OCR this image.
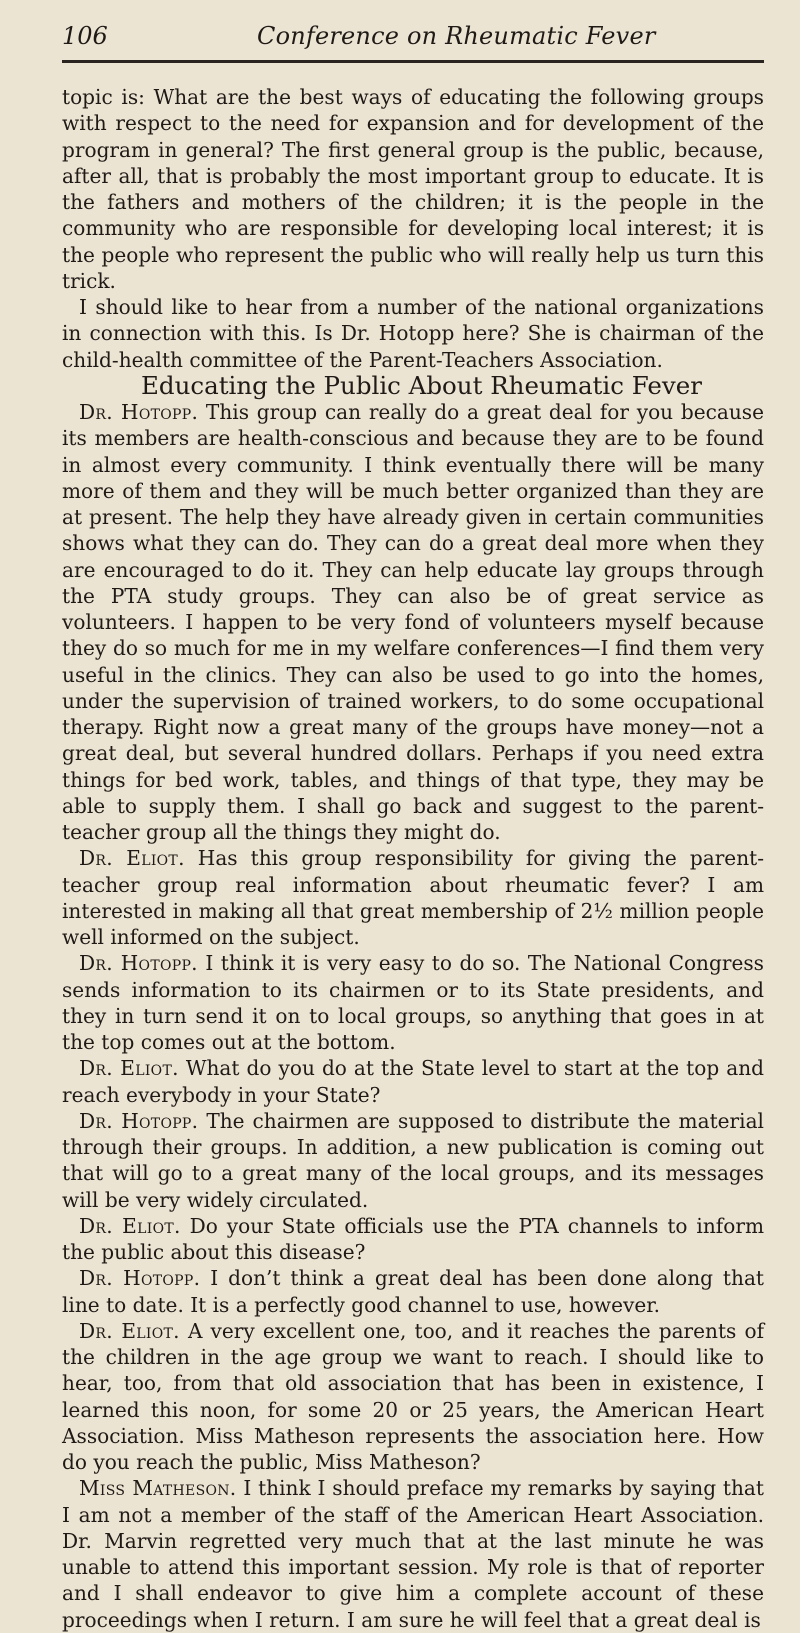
106	Conference on Rheumatic Fever

topic is: What are the best ways of educating the following groups with respect to the need for expansion and for development of the program in general? The first general group is the public, because, after all, that is probably the most important group to educate. It is the fathers and mothers of the children; it is the people in the community who are responsible for developing local interest; it is the people who represent the public who will really help us turn this trick.

I should like to hear from a number of the national organizations in connection with this. Is Dr. Hotopp here? She is chairman of the child-health committee of the Parent-Teachers Association.

Educating the Public About Rheumatic Fever

Dr. Hotopp. This group can really do a great deal for you because its members are health-conscious and because they are to be found in almost every community. I think eventually there will be many more of them and they will be much better organized than they are at present. The help they have already given in certain communities shows what they can do. They can do a great deal more when they are encouraged to do it. They can help educate lay groups through the PTA study groups. They can also be of great service as volunteers. I happen to be very fond of volunteers myself because they do so much for me in my welfare conferences—I find them very useful in the clinics. They can also be used to go into the homes, under the supervision of trained workers, to do some occupational therapy. Right now a great many of the groups have money—not a great deal, but several hundred dollars. Perhaps if you need extra things for bed work, tables, and things of that type, they may be able to supply them. I shall go back and suggest to the parent-teacher group all the things they might do.

Dr. Eliot. Has this group responsibility for giving the parent-teacher group real information about rheumatic fever? I am interested in making all that great membership of 2½ million people well informed on the subject.

Dr. Hotopp. I think it is very easy to do so. The National Congress sends information to its chairmen or to its State presidents, and they in turn send it on to local groups, so anything that goes in at the top comes out at the bottom.

Dr. Eliot. What do you do at the State level to start at the top and reach everybody in your State?

Dr. Hotopp. The chairmen are supposed to distribute the material through their groups. In addition, a new publication is coming out that will go to a great many of the local groups, and its messages will be very widely circulated.

Dr. Eliot. Do your State officials use the PTA channels to inform the public about this disease?

Dr. Hotopp. I don’t think a great deal has been done along that line to date. It is a perfectly good channel to use, however.

Dr. Eliot. A very excellent one, too, and it reaches the parents of the children in the age group we want to reach. I should like to hear, too, from that old association that has been in existence, I learned this noon, for some 20 or 25 years, the American Heart Association. Miss Matheson represents the association here. How do you reach the public, Miss Matheson?

Miss Matheson. I think I should preface my remarks by saying that I am not a member of the staff of the American Heart Association. Dr. Marvin regretted very much that at the last minute he was unable to attend this important session. My role is that of reporter and I shall endeavor to give him a complete account of these proceedings when I return. I am sure he will feel that a great deal is
